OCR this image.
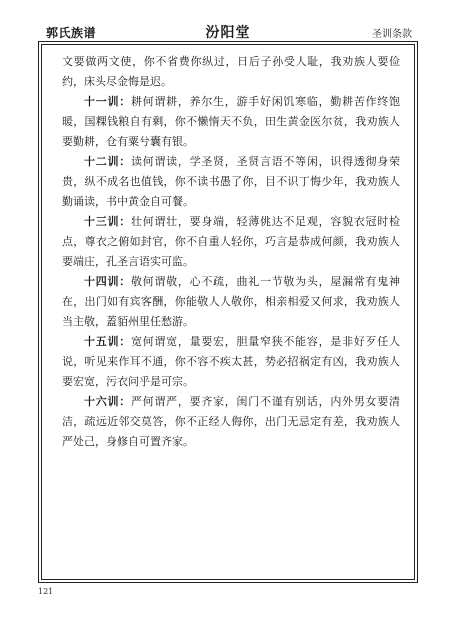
郭氏族谱	汾阳堂	圣训条款

文要做两文使，你不省费你纵过，日后子孙受人耻，我劝族人要俭约，床头尽金悔是迟。

十一训：耕何谓耕，养尔生，游手好闲饥寒临，勤耕苦作终饱暖，国粿钱粮自有剩，你不懒惰天不负，田生黄金医尔贫，我劝族人要勤耕，仓有粟兮囊有银。

十二训：读何谓读，学圣贤，圣贤言语不等闲，识得透彻身荣贵，纵不成名也值钱，你不读书愚了你，目不识丁悔少年，我劝族人勤诵读，书中黄金自可餐。

十三训：壮何谓壮，要身端，轻薄佻达不足观，容貌衣冠时检点，尊衣之俯如封官，你不自重人轻你，巧言是恭成何颜，我劝族人要端庄，孔圣言语实可监。

十四训：敬何谓敬，心不疏，曲礼一节敬为头，屋漏常有鬼神在，出门如有宾客酬，你能敬人人敬你，相亲相爱又何求，我劝族人当主敬，蓋貊州里任愁游。

十五训：宽何谓宽，量要宏，胆量窄狭不能容，是非好歹任人说，听见来作耳不通，你不容不疾太甚，势必招祸定有凶，我劝族人要宏宽，污衣问乎是可宗。

十六训：严何谓严，要齐家，闺门不谨有别话，内外男女要清洁，疏远近邻交莫答，你不正经人侮你，出门无忌定有差，我劝族人严处己，身修自可置齐家。

121
